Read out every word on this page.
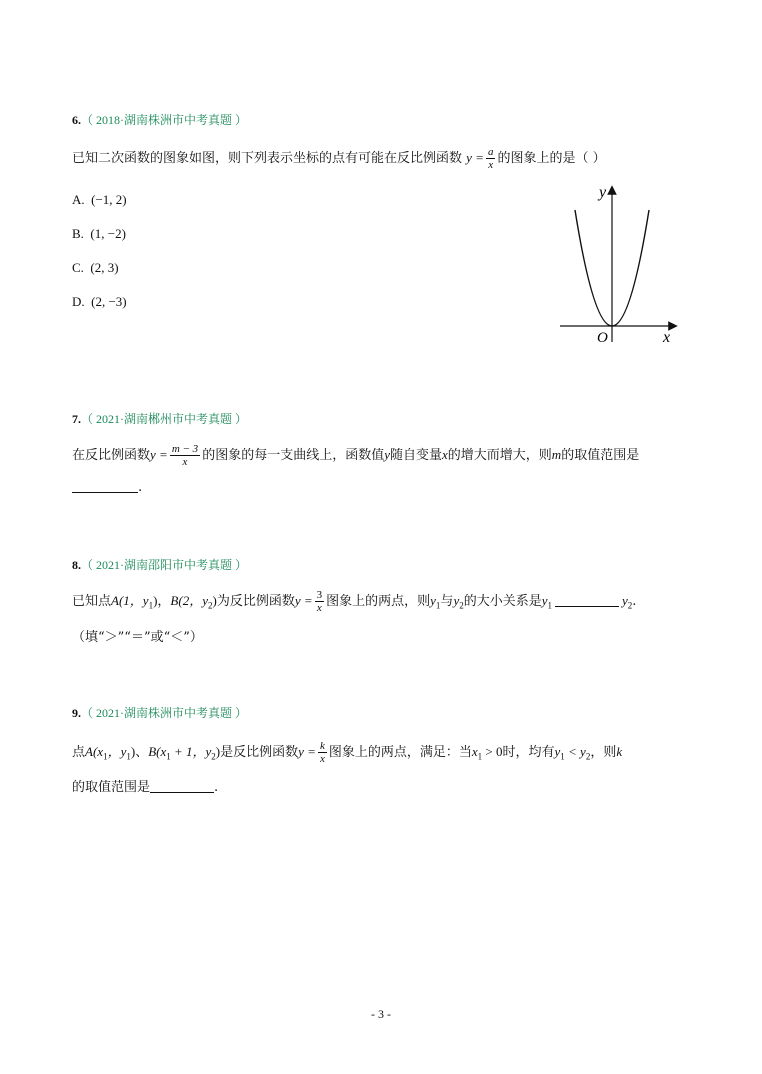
6.（ 2018·湖南株洲市中考真题 ）
已知二次函数的图象如图，则下列表示坐标的点有可能在反比例函数 $y = \frac{a}{x}$ 的图象上的是（ ）
A. (−1, 2)
B. (1, −2)
C. (2, 3)
D. (2, −3)
y
x
O
7.（ 2021·湖南郴州市中考真题 ）
在反比例函数$y = \frac{m - 3}{x}$ 的图象的每一支曲线上，函数值y随自变量x的增大而增大，则m的取值范围是
.
8.（ 2021·湖南邵阳市中考真题 ）
已知点A(1，$y_1$)，B(2，$y_2$)为反比例函数$y = \frac{3}{x}$ 图象上的两点，则$y_1$与$y_2$的大小关系是$y_1$	$y_2$.
（填“＞”“＝”或“＜”）
9.（ 2021·湖南株洲市中考真题 ）
点$A(x_1$，$y_1$)、$B(x_1 + 1$，$y_2$)是反比例函数$y = \frac{k}{x}$ 图象上的两点，满足：当$x_1 > 0$时，均有$y_1 < y_2$，则k
的取值范围是	.
- 3 -
